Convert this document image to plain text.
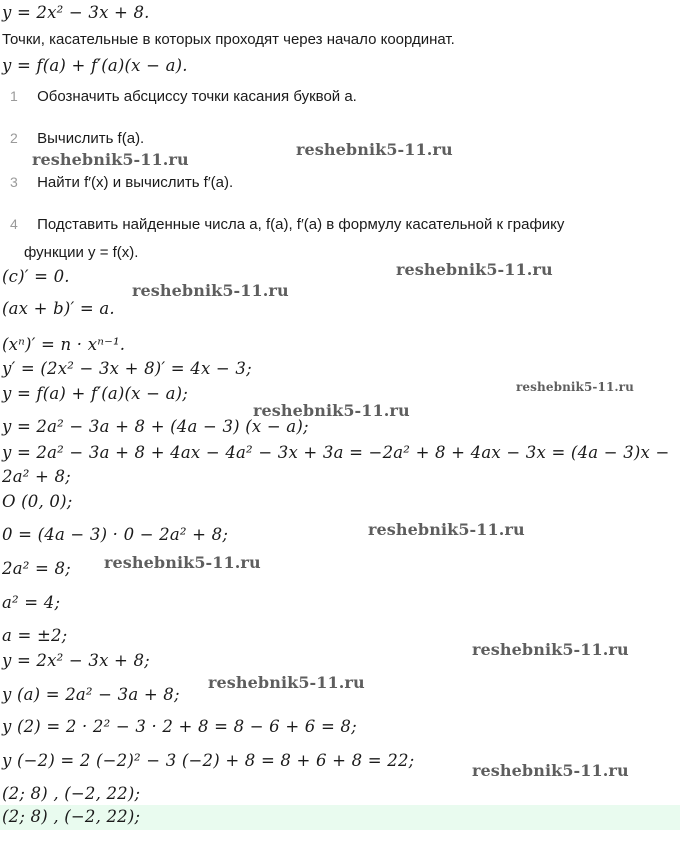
y = 2x² − 3x + 8.
Точки, касательные в которых проходят через начало координат.
y = f(a) + f′(a)(x − a).
1 Обозначить абсциссу точки касания буквой a.
2 Вычислить f(a).
3 Найти f′(x) и вычислить f′(a).
4 Подставить найденные числа a, f(a), f′(a) в формулу касательной к графику
функции y = f(x).
(c)′ = 0.
(ax + b)′ = a.
(xⁿ)′ = n · xⁿ⁻¹.
y′ = (2x² − 3x + 8)′ = 4x − 3;
y = f(a) + f′(a)(x − a);
y = 2a² − 3a + 8 + (4a − 3) (x − a);
y = 2a² − 3a + 8 + 4ax − 4a² − 3x + 3a = −2a² + 8 + 4ax − 3x = (4a − 3)x −
2a² + 8;
O (0, 0);
0 = (4a − 3) · 0 − 2a² + 8;
2a² = 8;
a² = 4;
a = ±2;
y = 2x² − 3x + 8;
y (a) = 2a² − 3a + 8;
y (2) = 2 · 2² − 3 · 2 + 8 = 8 − 6 + 6 = 8;
y (−2) = 2 (−2)² − 3 (−2) + 8 = 8 + 6 + 8 = 22;
(2; 8) , (−2, 22);
(2; 8) , (−2, 22);
reshebnik5-11.ru
reshebnik5-11.ru
reshebnik5-11.ru
reshebnik5-11.ru
reshebnik5-11.ru
reshebnik5-11.ru
reshebnik5-11.ru
reshebnik5-11.ru
reshebnik5-11.ru
reshebnik5-11.ru
reshebnik5-11.ru
